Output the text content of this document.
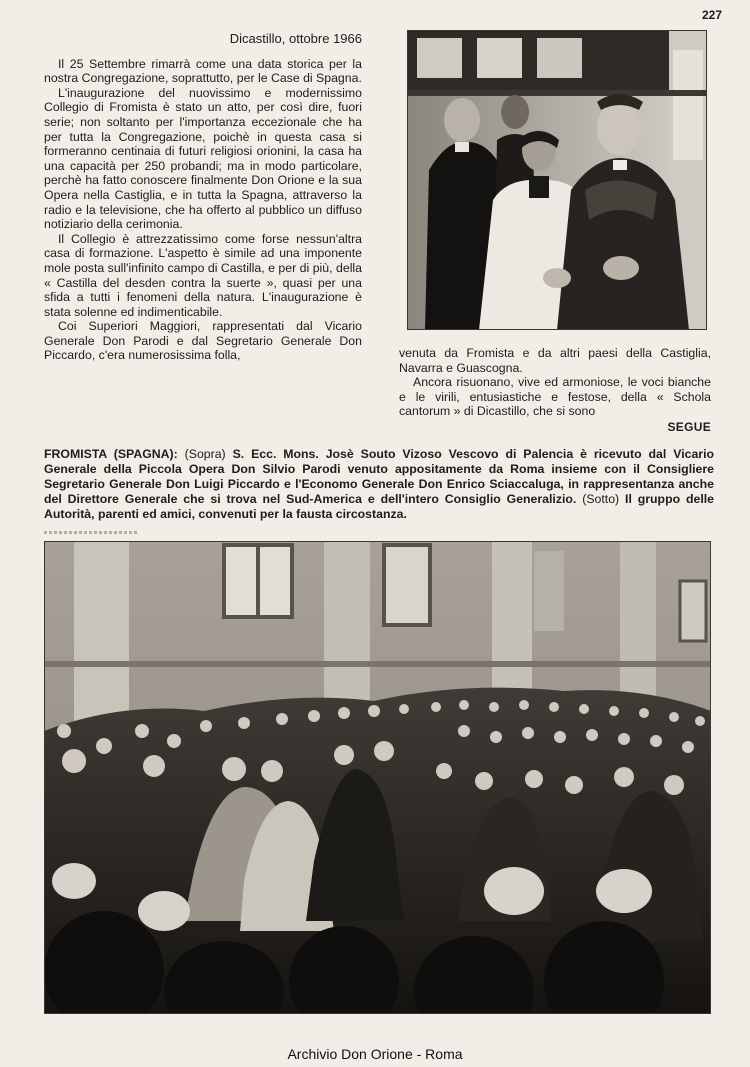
227
Dicastillo, ottobre 1966

Il 25 Settembre rimarrà come una data storica per la nostra Congregazione, soprattutto, per le Case di Spagna.

L'inaugurazione del nuovissimo e modernissimo Collegio di Fromista è stato un atto, per così dire, fuori serie; non soltanto per l'importanza eccezionale che ha per tutta la Congregazione, poichè in questa casa si formeranno centinaia di futuri religiosi orionini, la casa ha una capacità per 250 probandi; ma in modo particolare, perchè ha fatto conoscere finalmente Don Orione e la sua Opera nella Castiglia, e in tutta la Spagna, attraverso la radio e la televisione, che ha offerto al pubblico un diffuso notiziario della cerimonia.

Il Collegio è attrezzatissimo come forse nessun'altra casa di formazione. L'aspetto è simile ad una imponente mole posta sull'infinito campo di Castilla, e per di più, della « Castilla del desden contra la suerte », quasi per una sfida a tutti i fenomeni della natura. L'inaugurazione è stata solenne ed indimenticabile.

Coi Superiori Maggiori, rappresentati dal Vicario Generale Don Parodi e dal Segretario Generale Don Piccardo, c'era numerosissima folla,	venuta da Fromista e da altri paesi della Castiglia, Navarra e Guascogna.

Ancora risuonano, vive ed armoniose, le voci bianche e le virili, entusiastiche e festose, della « Schola cantorum » di Dicastillo, che si sono

SEGUE
FROMISTA (SPAGNA): (Sopra) S. Ecc. Mons. Josè Souto Vizoso Vescovo di Palencia è ricevuto dal Vicario Generale della Piccola Opera Don Silvio Parodi venuto appositamente da Roma insieme con il Consigliere Segretario Generale Don Luigi Piccardo e l'Economo Generale Don Enrico Sciaccaluga, in rappresentanza anche del Direttore Generale che si trova nel Sud-America e dell'intero Consiglio Generalizio. (Sotto) Il gruppo delle Autorità, parenti ed amici, convenuti per la fausta circostanza.
Archivio Don Orione - Roma
